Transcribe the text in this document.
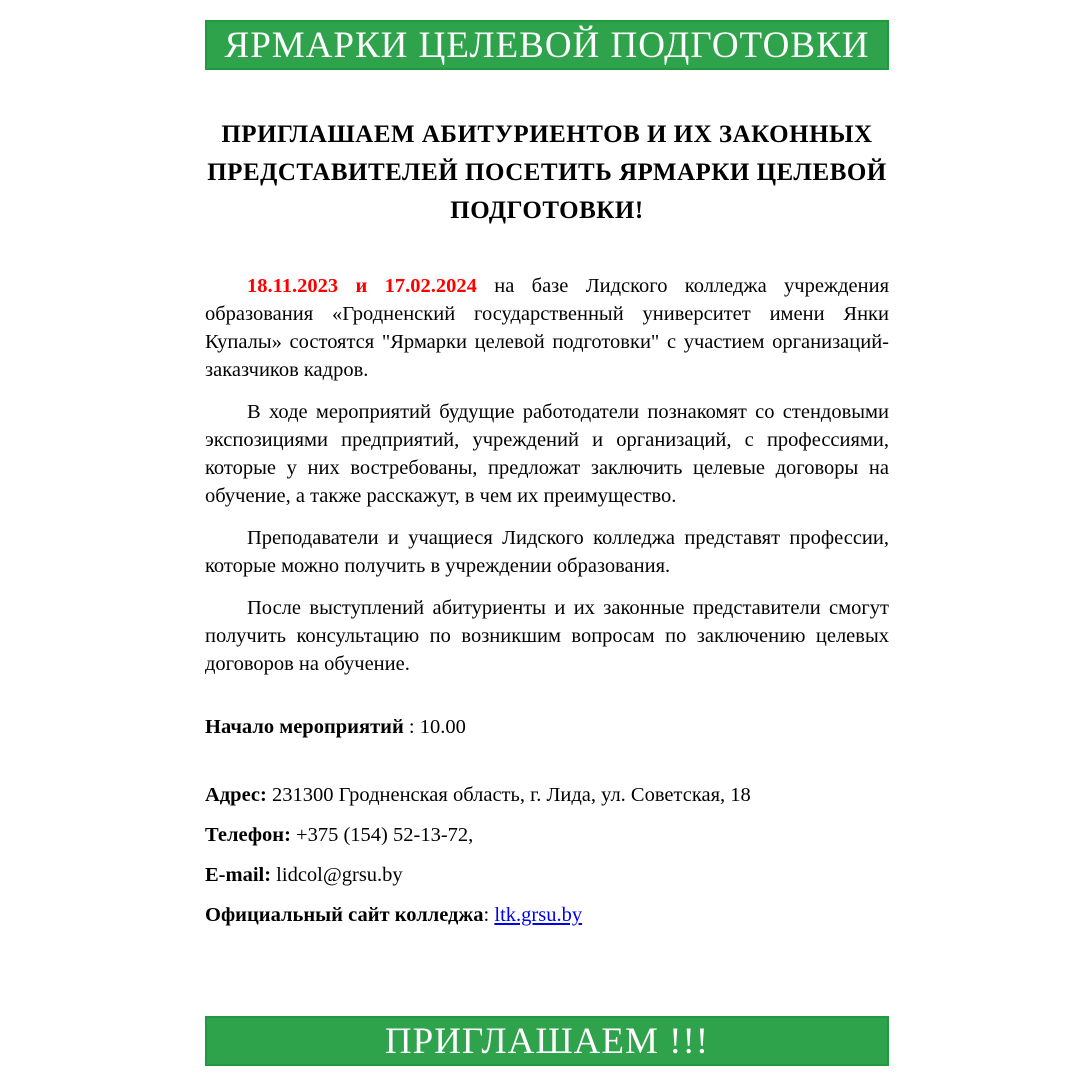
ЯРМАРКИ ЦЕЛЕВОЙ ПОДГОТОВКИ
ПРИГЛАШАЕМ АБИТУРИЕНТОВ И ИХ ЗАКОННЫХ ПРЕДСТАВИТЕЛЕЙ ПОСЕТИТЬ ЯРМАРКИ ЦЕЛЕВОЙ ПОДГОТОВКИ!

18.11.2023 и 17.02.2024 на базе Лидского колледжа учреждения образования «Гродненский государственный университет имени Янки Купалы» состоятся "Ярмарки целевой подготовки" с участием организаций-заказчиков кадров.

В ходе мероприятий будущие работодатели познакомят со стендовыми экспозициями предприятий, учреждений и организаций, с профессиями, которые у них востребованы, предложат заключить целевые договоры на обучение, а также расскажут, в чем их преимущество.

Преподаватели и учащиеся Лидского колледжа представят профессии, которые можно получить в учреждении образования.

После выступлений абитуриенты и их законные представители смогут получить консультацию по возникшим вопросам по заключению целевых договоров на обучение.

Начало мероприятий : 10.00
Адрес: 231300 Гродненская область, г. Лида, ул. Советская, 18
Телефон: +375 (154) 52-13-72,
E-mail: lidcol@grsu.by
Официальный сайт колледжа: ltk.grsu.by
ПРИГЛАШАЕМ !!!
